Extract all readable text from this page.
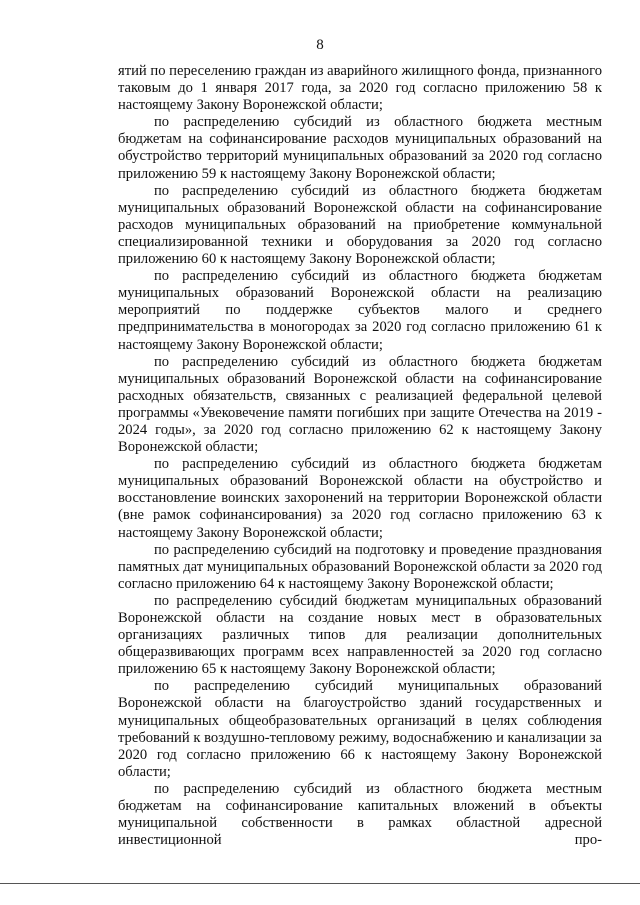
8

ятий по переселению граждан из аварийного жилищного фонда, признанного таковым до 1 января 2017 года, за 2020 год согласно приложению 58 к настоящему Закону Воронежской области;

по распределению субсидий из областного бюджета местным бюджетам на софинансирование расходов муниципальных образований на обустройство территорий муниципальных образований за 2020 год согласно приложению 59 к настоящему Закону Воронежской области;

по распределению субсидий из областного бюджета бюджетам муниципальных образований Воронежской области на софинансирование расходов муниципальных образований на приобретение коммунальной специализированной техники и оборудования за 2020 год согласно приложению 60 к настоящему Закону Воронежской области;

по распределению субсидий из областного бюджета бюджетам муниципальных образований Воронежской области на реализацию мероприятий по поддержке субъектов малого и среднего предпринимательства в моногородах за 2020 год согласно приложению 61 к настоящему Закону Воронежской области;

по распределению субсидий из областного бюджета бюджетам муниципальных образований Воронежской области на софинансирование расходных обязательств, связанных с реализацией федеральной целевой программы «Увековечение памяти погибших при защите Отечества на 2019 - 2024 годы», за 2020 год согласно приложению 62 к настоящему Закону Воронежской области;

по распределению субсидий из областного бюджета бюджетам муниципальных образований Воронежской области на обустройство и восстановление воинских захоронений на территории Воронежской области (вне рамок софинансирования) за 2020 год согласно приложению 63 к настоящему Закону Воронежской области;

по распределению субсидий на подготовку и проведение празднования памятных дат муниципальных образований Воронежской области за 2020 год согласно приложению 64 к настоящему Закону Воронежской области;

по распределению субсидий бюджетам муниципальных образований Воронежской области на создание новых мест в образовательных организациях различных типов для реализации дополнительных общеразвивающих программ всех направленностей за 2020 год согласно приложению 65 к настоящему Закону Воронежской области;

по распределению субсидий муниципальных образований Воронежской области на благоустройство зданий государственных и муниципальных общеобразовательных организаций в целях соблюдения требований к воздушно-тепловому режиму, водоснабжению и канализации за 2020 год согласно приложению 66 к настоящему Закону Воронежской области;

по распределению субсидий из областного бюджета местным бюджетам на софинансирование капитальных вложений в объекты муниципальной собственности в рамках областной адресной инвестиционной про-
